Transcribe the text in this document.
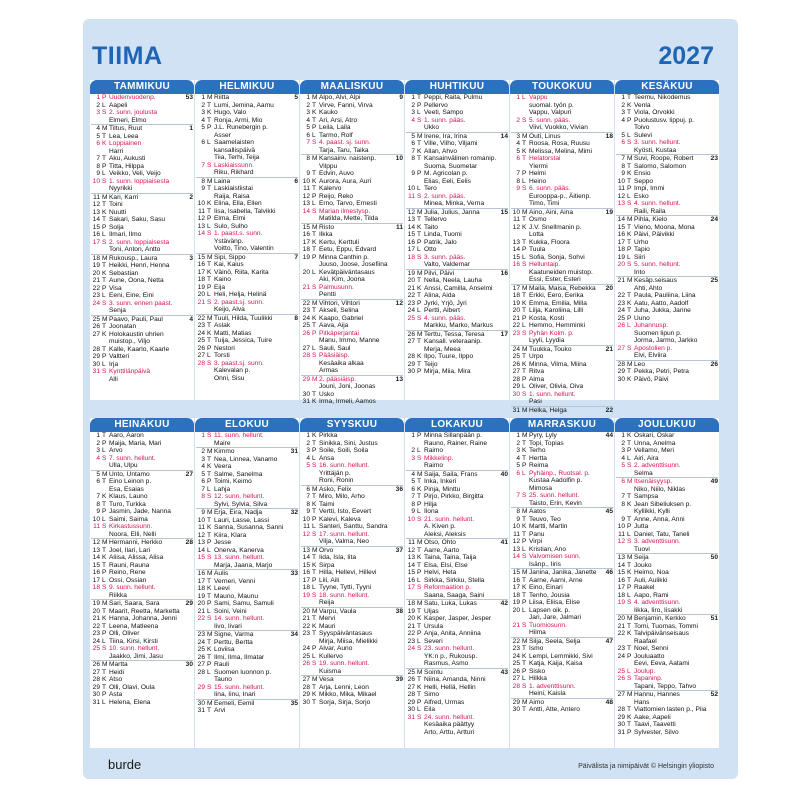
TIIMA	2027
TAMMIKUU
1 P Uudenvuodenp.	53
2 L Aapeli
3 S 2. sunn. joulusta
Elmeri, Elmo
4 M Tiltus, Ruut	1
5 T Lea, Leea
6 K Loppiainen
Harri
7 T Aku, Aukusti
8 P Titta, Hilppa
9 L Veikko, Veli, Veijo
10 S 1. sunn. loppiaisesta
Nyyrikki
11 M Kari, Karri	2
12 T Toini
13 K Nuutti
14 T Sakari, Saku, Sasu
15 P Solja
16 L Ilmari, Ilmo
17 S 2. sunn. loppiaisesta
Toni, Anton, Antto
18 M Rukousp., Laura	3
19 T Heikki, Henri, Henna
20 K Sebastian
21 T Aune, Oona, Netta
22 P Visa
23 L Eeni, Eine, Eini
24 S 3. sunn. ennen paast.
Senja
25 M Paavo, Pauli, Paul	4
26 T Joonatan
27 K Holokaustin uhrien
muistop., Viljo
28 T Kalle, Kaarlo, Kaarle
29 P Valtteri
30 L Irja
31 S Kynttilänpäivä
Alli
HELMIKUU
1 M Riitta	5
2 T Lumi, Jemina, Aamu
3 K Hugo, Valo
4 T Ronja, Armi, Mio
5 P J.L. Runebergin p.
Asser
6 L Saamelaisten
kansallispäivä
Tiia, Terhi, Teija
7 S Laskiaissunn.
Riku, Rikhard
8 M Laina	6
9 T Laskiaistiistai
Raija, Raisa
10 K Elina, Ella, Ellen
11 T Iisa, Isabella, Talvikki
12 P Elma, Elmi
13 L Sulo, Sulho
14 S 1. paast.s. sunn.
Ystävänp.
Voitto, Tino, Valentin
15 M Sipi, Sippo	7
16 T Kai, Kaius
17 K Väinö, Riita, Karita
18 T Kaino
19 P Eija
20 L Heli, Helja, Helinä
21 S 2. paast.sj. sunn.
Keijo, Alva
22 M Tuuli, Hilda, Tuulikki	8
23 T Aslak
24 K Matti, Matias
25 T Tuija, Jessica, Tuire
26 P Nestori
27 L Torsti
28 S 3. paast.sj. sunn.
Kalevalan p.
Onni, Sisu
MAALISKUU
1 M Alpo, Alvi, Alpi	9
2 T Virve, Fanni, Virva
3 K Kauko
4 T Ari, Arsi, Atro
5 P Leila, Laila
6 L Tarmo, Rolf
7 S 4. paast. sj. sunn.
Tarja, Taru, Taika
8 M Kansainv. naistenp.	10
Vilppu
9 T Edvin, Auvo
10 K Aurora, Aura, Auri
11 T Kalervo
12 P Reijo, Reko
13 L Erno, Tarvo, Ernesti
14 S Marian ilmestysp.
Matilda, Mette, Tilda
15 M Risto	11
16 T Ilkka
17 K Kertu, Kerttuli
18 T Eetu, Eppu, Edvard
19 P Minna Canthin p.
Juuso, Joose, Josefiina
20 L Kevätpäiväntasaus
Aki, Kim, Joona
21 S Palmusunn.
Pentti
22 M Vihtori, Vihtori	12
23 T Akseli, Selina
24 K Kaapo, Gabriel
25 T Aava, Aija
26 P Pitkäperjantai
Manu, Immo, Manne
27 L Sauli, Saul
28 S Pääsiäisp.
Kesäaika alkaa
Armas
29 M 2. pääsiäisp.	13
Jouni, Joni, Joonas
30 T Usko
31 K Irma, Irmeli, Aamos
HUHTIKUU
1 T Peppi, Raita, Pulmu
2 P Pellervo
3 L Veeti, Sampo
4 S 1. sunn. pääs.
Ukko
5 M Irene, Ira, Irina	14
6 T Ville, Vilho, Viljami
7 K Allan, Ahvo
8 T Kansainvälinen romanip.
Suoma, Suometar
9 P M. Agricolan p.
Elias, Eeli, Eelis
10 L Tero
11 S 2. sunn. pääs.
Minea, Minka, Verna
12 M Julia, Julius, Janna	15
13 T Tellervo
14 K Taito
15 T Linda, Tuomi
16 P Patrik, Jalo
17 L Otto
18 S 3. sunn. pääs.
Valto, Valdemar
19 M Pilvi, Päivi	16
20 T Nella, Neela, Lauha
21 K Anssi, Camilla, Anselmi
22 T Alina, Aida
23 P Jyrki, Yrjö, Jyri
24 L Pertti, Albert
25 S 4. sunn. pääs.
Markku, Marko, Markus
26 M Terttu, Tessa, Teresa	17
27 T Kansall. veteraanip.
Merja, Meea
28 K Ilpo, Tuure, Ilppo
29 T Teijo
30 P Mirja, Miia, Mira
TOUKOKUU
1 L Vappu
suomal. työn p.
Vappu, Valpuri
2 S 5. sunn. pääs.
Viivi, Vuokko, Vivian
3 M Outi, Linus	18
4 T Roosa, Rosa, Ruusu
5 K Melissa, Melina, Mimi
6 T Helatorstai
Ylermi
7 P Helmi
8 L Heino
9 S 6. sunn. pääs.
Eurooppa-p., Äitienp.
Timo, Timi
10 M Aino, Aini, Aina	19
11 T Osmo
12 K J.V. Snellmanin p.
Lotta
13 T Kukka, Floora
14 P Tuula
15 L Sofia, Sonja, Sohvi
16 S Helluntaip.
Kaatuneiden muistop.
Essi, Ester, Esteri
17 M Maila, Maisa, Rebekka	20
18 T Erkki, Eero, Eerika
19 K Emma, Emilia, Milla
20 T Lilja, Karoliina, Lilli
21 P Kosta, Kosti
22 L Hemmo, Hemminki
23 S Pyhän Kolm. p.
Lyyli, Lyydia
24 M Tuukka, Touko	21
25 T Urpo
26 K Minna, Vilma, Miina
27 T Ritva
28 P Alma
29 L Oliver, Olivia, Oiva
30 S 1. sunn. hellunt.
Pasi
31 M Helka, Helga	22
KESÄKUU
1 T Teemu, Nikodemus
2 K Venla
3 T Viola, Orvokki
4 P Puolustusv. lippuj. p.
Toivo
5 L Sulevi
6 S 3. sunn. hellunt.
Kyösti, Kustaa
7 M Suvi, Roope, Robert	23
8 T Salomo, Salomon
9 K Ensio
10 T Seppo
11 P Impi, Immi
12 L Esko
13 S 4. sunn. hellunt.
Raili, Raila
14 M Pihla, Kielo	24
15 T Vieno, Moona, Mona
16 K Päivi, Päivikki
17 T Urho
18 P Tapio
19 L Siiri
20 S 5. sunn. hellunt.
Into
21 M Kesäp.seisaus	25
Ahti, Ahto
22 T Paula, Pauliina, Liina
23 K Aatu, Aatto, Aadolf
24 T Juha, Jukka, Janne
25 P Uuno
26 L Juhannusp.
Suomen lipun p.
Jorma, Jarmo, Jarkko
27 S Apostolien p.
Elvi, Elviira
28 M Leo	26
29 T Pekka, Petri, Petra
30 K Päivö, Päivi
HEINÄKUU
1 T Aaro, Aaron
2 P Maija, Maria, Mari
3 L Arvo
4 S 7. sunn. hellunt.
Ulla, Ulpu
5 M Unto, Untamo	27
6 T Eino Leinon p.
Esa, Esaias
7 K Klaus, Launo
8 T Turo, Turkka
9 P Jasmin, Jade, Nanna
10 L Saimi, Saima
11 S Kirkastussunn.
Noora, Elli, Nelli
12 M Hermanni, Herkko	28
13 T Joel, Ilari, Lari
14 K Aliisa, Alissa, Alisa
15 T Rauni, Rauna
16 P Reino, Rene
17 L Ossi, Ossian
18 S 9. sunn. hellunt.
Riikka
19 M Sari, Saara, Sara	29
20 T Maarit, Reetta, Marketta
21 K Hanna, Johanna, Jenni
22 T Leena, Matleena
23 P Olli, Oliver
24 L Tiina, Kirsi, Kirsti
25 S 10. sunn. hellunt.
Jaakko, Jimi, Jasu
26 M Martta	30
27 T Heidi
28 K Atso
29 T Olli, Olavi, Oula
30 P Asta
31 L Helena, Elena
ELOKUU
1 S 11. sunn. hellunt.
Maire
2 M Kimmo	31
3 T Nea, Linnea, Vanamo
4 K Veera
5 T Salme, Sanelma
6 P Toimi, Keimo
7 L Lahja
8 S 12. sunn. hellunt.
Sylvi, Sylvia, Silva
9 M Erja, Eira, Nadja	32
10 T Lauri, Lasse, Lassi
11 K Sanna, Susanna, Sanni
12 T Kiira, Klara
13 P Jesse
14 L Onerva, Kanerva
15 S 13. sunn. hellunt.
Marja, Jaana, Marjo
16 M Aulis	33
17 T Verneri, Venni
18 K Leevi
19 T Mauno, Maunu
20 P Sami, Samu, Samuli
21 L Soini, Veini
22 S 14. sunn. hellunt.
Iivo, Iivari
23 M Signe, Varma	34
24 T Perttu, Bertta
25 K Loviisa
26 T Ilmi, Ilma, Ilmatar
27 P Rauli
28 L Suomen luonnon p.
Tauno
29 S 15. sunn. hellunt.
Iina, Iinu, Inari
30 M Eemeli, Eemil	35
31 T Arvi
SYYSKUU
1 K Pirkka
2 T Sinikka, Sini, Justus
3 P Soile, Soili, Soila
4 L Ansa
5 S 16. sunn. hellunt.
Yrittäjän p.
Roni, Ronin
6 M Asko, Felix	36
7 T Miro, Milo, Arho
8 K Taimi
9 T Vertti, Isto, Eevert
10 P Kalevi, Kaleva
11 L Santeri, Santtu, Sandra
12 S 17. sunn. hellunt.
Vilja, Valma, Neo
13 M Orvo	37
14 T Iida, Isla, Iita
15 K Sirpa
16 T Hilla, Hellevi, Hillevi
17 P Lili, Aili
18 L Tyyne, Tytti, Tyyni
19 S 18. sunn. hellunt.
Reija
20 M Varpu, Vaula	38
21 T Mervi
22 K Mauri
23 T Syyspäiväntasaus
Mirja, Miisa, Mielikki
24 P Alvar, Auno
25 L Kullervo
26 S 19. sunn. hellunt.
Kuisma
27 M Vesa	39
28 T Arja, Lenni, Leon
29 K Mikko, Mika, Mikael
30 T Sorja, Sirja, Sorjo
LOKAKUU
1 P Minna Sillanpään p.
Rauno, Rainer, Raine
2 L Raimo
3 S Mikkelinp.
Raimo
4 M Saija, Saila, Frans	40
5 T Inka, Inkeri
6 K Pinja, Minttu
7 T Pirjo, Pirkko, Birgitta
8 P Hilja
9 L Ilona
10 S 21. sunn. hellunt.
A. Kiven p.
Aleksi, Aleksis
11 M Otso, Ohto	41
12 T Aarre, Aarto
13 K Taina, Taina, Taija
14 T Elsa, Elsi, Else
15 P Helvi, Heta
16 L Sirkka, Sirkku, Stella
17 S Reformaation p.
Saana, Saaga, Saini
18 M Satu, Luka, Lukas	42
19 T Uljas
20 K Kasper, Jasper, Jesper
21 T Ursula
22 P Anja, Anita, Anniina
23 L Severi
24 S 23. sunn. hellunt.
YK:n p., Rukousp.
Rasmus, Asmo
25 M Sointu	43
26 T Niina, Amanda, Ninni
27 K Helli, Hellä, Hellin
28 T Simo
29 P Alfred, Urmas
30 L Eila
31 S 24. sunn. hellunt.
Kesäaika päättyy
Arto, Arttu, Artturi
MARRASKUU
1 M Pyry, Lyly	44
2 T Topi, Topias
3 K Terho
4 T Hertta
5 P Reima
6 L Pyhäinp., Ruotsal. p.
Kustaa Aadolfin p.
Mimosa
7 S 25. sunn. hellunt.
Taisto, Erin, Kevin
8 M Aatos	45
9 T Teuvo, Teo
10 K Martti, Martin
11 T Panu
12 P Virpi
13 L Kristian, Ano
14 S Valvomisen sunn.
Isänp., Iiris
15 M Janina, Janika, Janette	46
16 T Aarne, Aarni, Arne
17 K Eino, Einari
18 T Tenho, Jousia
19 P Liisa, Eliisa, Elise
20 L Lapsen oik. p.
Jari, Jare, Jalmari
21 S Tuomiosunn.
Hilma
22 M Silja, Seela, Selja	47
23 T Ismo
24 K Lempi, Lemmikki, Sivi
25 T Katja, Kaija, Kaisa
26 P Sisko
27 L Hilkka
28 S 1. adventtisunn.
Heini, Kaisla
29 M Aimo	48
30 T Antti, Atte, Antero
JOULUKUU
1 K Oskari, Oskar
2 T Unna, Anelma
3 P Vellamo, Meri
4 L Airi, Aira
5 S 2. adventtisunn.
Selma
6 M Itsenäisyysp.	49
Niko, Niilo, Niklas
7 T Sampsa
8 K Jean Sibeliuksen p.
Kyllikki, Kylli
9 T Anne, Anna, Anni
10 P Jutta
11 L Daniel, Tatu, Taneli
12 S 3. adventtisunn.
Tuovi
13 M Seija	50
14 T Jouko
15 K Heimo, Noa
16 T Auli, Aulikki
17 P Raakel
18 L Aapo, Rami
19 S 4. adventtisunn.
Iikka, Iiro, Iisakki
20 M Benjamin, Kerkko	51
21 T Tomi, Tuomas, Tommi
22 K Talvipäivänseisaus
Raafael
23 T Noel, Senni
24 P Jouluaatto
Eevi, Eeva, Aatami
25 L Joulup.
26 S Tapaninp.
Tapani, Teppo, Tahvo
27 M Hannu, Hannes	52
Hans
28 T Viattomien lasten p., Piia
29 K Aake, Aapeli
30 T Taavi, Taavetti
31 P Sylvester, Silvo
burde	Päivälista ja nimipäivät © Helsingin yliopisto
